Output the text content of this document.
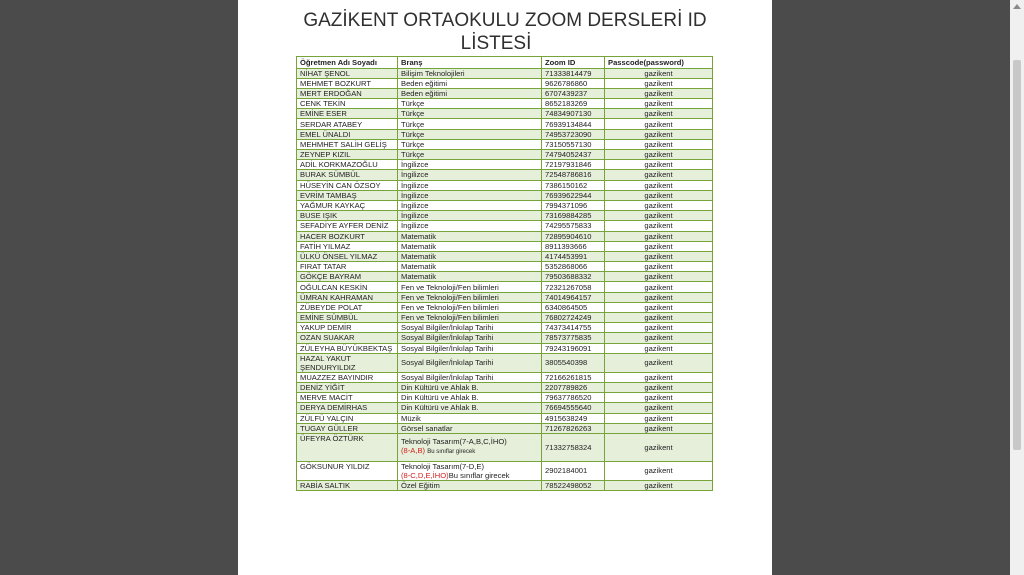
GAZİKENT ORTAOKULU ZOOM DERSLERİ ID
LİSTESİ
Öğretmen Adı Soyadı	Branş	Zoom ID	Passcode(password)
NİHAT ŞENOL	Bilişim Teknolojileri	71333814479	gazikent
MEHMET BOZKURT	Beden eğitimi	9626786860	gazikent
MERT ERDOĞAN	Beden eğitimi	6707439237	gazikent
CENK TEKİN	Türkçe	8652183269	gazikent
EMİNE ESER	Türkçe	74834907130	gazikent
SERDAR ATABEY	Türkçe	76939134844	gazikent
EMEL ÜNALDI	Türkçe	74953723090	gazikent
MEHMHET SALİH GELİŞ	Türkçe	73150557130	gazikent
ZEYNEP KIZIL	Türkçe	74794052437	gazikent
ADİL KORKMAZOĞLU	İngilizce	72197931846	gazikent
BURAK SÜMBÜL	İngilizce	72548786816	gazikent
HÜSEYİN CAN ÖZSOY	İngilizce	7386150162	gazikent
EVRİM TAMBAŞ	İngilizce	76939622944	gazikent
YAĞMUR KAYKAÇ	İngilizce	7994371096	gazikent
BUSE IŞIK	İngilizce	73169884285	gazikent
SEFADİYE AYFER DENİZ	İngilizce	74295575833	gazikent
HACER BOZKURT	Matematik	72895904610	gazikent
FATİH YILMAZ	Matematik	8911393666	gazikent
ÜLKÜ ÖNSEL YILMAZ	Matematik	4174453991	gazikent
FIRAT TATAR	Matematik	5352868066	gazikent
GÖKÇE BAYRAM	Matematik	79503688332	gazikent
OĞULCAN KESKİN	Fen ve Teknoloji/Fen bilimleri	72321267058	gazikent
ÜMRAN KAHRAMAN	Fen ve Teknoloji/Fen bilimleri	74014964157	gazikent
ZÜBEYDE POLAT	Fen ve Teknoloji/Fen bilimleri	6340864505	gazikent
EMİNE SÜMBÜL	Fen ve Teknoloji/Fen bilimleri	76802724249	gazikent
YAKUP DEMİR	Sosyal Bilgiler/İnkılap Tarihi	74373414755	gazikent
OZAN SUAKAR	Sosyal Bilgiler/İnkılap Tarihi	78573775835	gazikent
ZÜLEYHA BÜYÜKBEKTAŞ	Sosyal Bilgiler/İnkılap Tarihi	79243196091	gazikent
HAZAL YAKUT ŞENDURYILDIZ	Sosyal Bilgiler/İnkılap Tarihi	3805540398	gazikent
MUAZZEZ BAYINDIR	Sosyal Bilgiler/İnkılap Tarihi	72166261815	gazikent
DENİZ YİĞİT	Din Kültürü ve Ahlak B.	2207789826	gazikent
MERVE MACİT	Din Kültürü ve Ahlak B.	79637786520	gazikent
DERYA DEMİRHAS	Din Kültürü ve Ahlak B.	76694555640	gazikent
ZÜLFÜ YALÇIN	Müzik	4915638249	gazikent
TUGAY GÜLLER	Görsel sanatlar	71267826263	gazikent
ÜFEYRA ÖZTÜRK	Teknoloji Tasarım(7-A,B,C,İHO)
(8-A,B) Bu sınıflar girecek	71332758324	gazikent
GÖKSUNUR YILDIZ	Teknoloji Tasarım(7-D,E)
(8-C,D,E,İHO)Bu sınıflar girecek	2902184001	gazikent
RABİA SALTIK	Özel Eğitim	78522498052	gazikent
